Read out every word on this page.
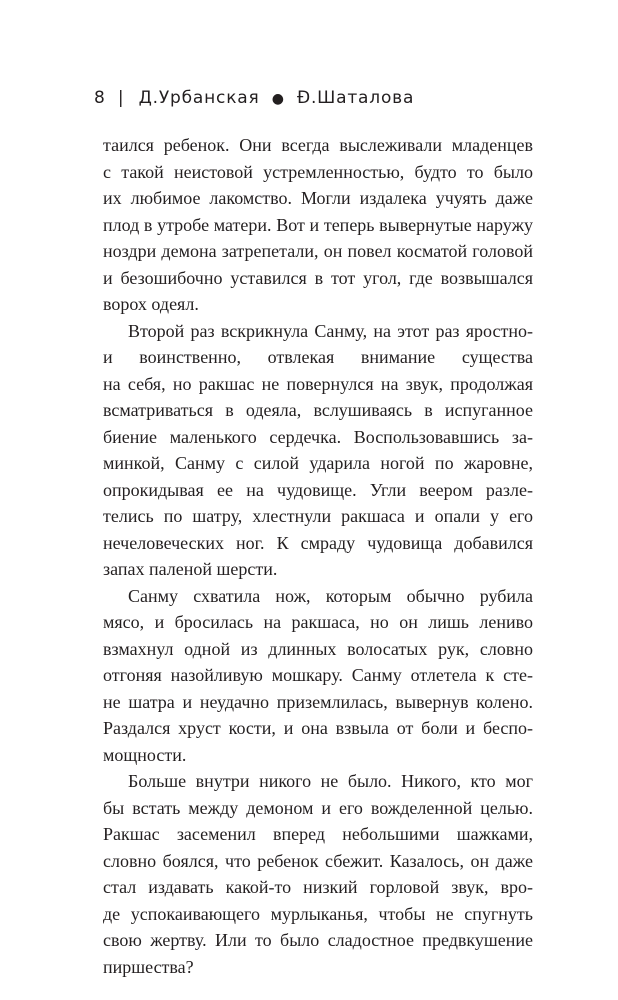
8 | Д.Урбанская ● Ð.Шаталова
таился ребенок. Они всегда выслеживали младенцев
с такой неистовой устремленностью, будто то было
их любимое лакомство. Могли издалека учуять даже
плод в утробе матери. Вот и теперь вывернутые наружу
ноздри демона затрепетали, он повел косматой головой
и безошибочно уставился в тот угол, где возвышался
ворох одеял.
Второй раз вскрикнула Санму, на этот раз яростно-
и воинственно, отвлекая внимание существа
на себя, но ракшас не повернулся на звук, продолжая
всматриваться в одеяла, вслушиваясь в испуганное
биение маленького сердечка. Воспользовавшись за-
минкой, Санму с силой ударила ногой по жаровне,
опрокидывая ее на чудовище. Угли веером разле-
телись по шатру, хлестнули ракшаса и опали у его
нечеловеческих ног. К смраду чудовища добавился
запах паленой шерсти.
Санму схватила нож, которым обычно рубила
мясо, и бросилась на ракшаса, но он лишь лениво
взмахнул одной из длинных волосатых рук, словно
отгоняя назойливую мошкару. Санму отлетела к сте-
не шатра и неудачно приземлилась, вывернув колено.
Раздался хруст кости, и она взвыла от боли и беспо-
мощности.
Больше внутри никого не было. Никого, кто мог
бы встать между демоном и его вожделенной целью.
Ракшас засеменил вперед небольшими шажками,
словно боялся, что ребенок сбежит. Казалось, он даже
стал издавать какой-то низкий горловой звук, вро-
де успокаивающего мурлыканья, чтобы не спугнуть
свою жертву. Или то было сладостное предвкушение
пиршества?
